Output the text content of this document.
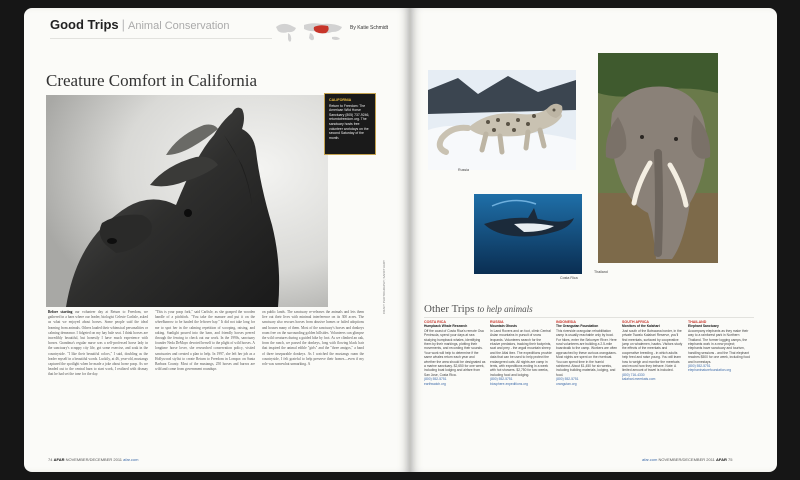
Good Trips | Animal Conservation	By Katie Schmidt
Creature Comfort in California
CALIFORNIA
Return to Freedom: The American Wild Horse Sanctuary (805) 737-9246, returntofreedom.org. The sanctuary hosts free volunteer workdays on the second Saturday of the month.
CRAFT PHOTOGRAPHY; SANCTUARY
Before starting our volunteer day at Return to Freedom, we gathered in a barn where our leader, biologist Celeste Carlisle, asked us what we enjoyed about horses. Some people said the ideal learning from animals. Others lauded their whimsical personalities or calming demeanor. I fidgeted on my hay bale seat. I think horses are incredibly beautiful, but honestly I have much experience with horses. Grandma's regular nurse was a self-professed horse lady in the sanctuary's scrappy city life, got some exercise, and soak in the countryside. "I like their beautiful colors," I said, doubling as the leader myself in a beautiful words. Luckily, at 46, year-old, mustangs captured the spotlight when he made a joke about horse poop. As we headed out to the central barn to start work, I realized with dismay that he had set the tone for the day.
"This is your poop fork," said Carlisle, as she grasped the wooden handle of a pitchfork. "You take the manure and put it on the wheelbarrow to be hauled the leftover hay." It did not take long for me to spot her in the calming repetition of scooping, raising, and raking. Sunlight poured into the barn, and friendly horses peered through the fencing to check out our work. In the 1990s, sanctuary founder Neda DeMayo devoted herself to the plight of wild horses. A longtime horse lover, she researched conservation policy, visited sanctuaries and created a plan to help. In 1997, she left her job as a Hollywood stylist to create Return to Freedom in Lompoc on Santa Barbara County. Most of the mustangs, 250 horses and burros are wild and come from government roundups
on public lands. The sanctuary re-releases the animals and lets them live out their lives with minimal interference on its 300 acres. The sanctuary also rescues horses from abusive homes or failed adoptions and houses many of them. Most of the sanctuary's horses and donkeys roam free on the surrounding golden hillsides. Volunteers can glimpse the wild creatures during a guided hike by foot. As we climbed an oak, from the ranch, we passed the donkeys, long with flowing black hair that inspired the animal edible "girls" and the "three amigos," a band of three inseparable donkeys. As I watched the mustangs roam the countryside, I felt grateful to help preserve their homes—even if my role was somewhat unmarking. A
74 AFAR NOVEMBER/DECEMBER 2011 afar.com
Russia
Costa Rica
Thailand
Other Trips to help animals
COSTA RICA
Humpback Whale Research
Off the coast of Costa Rica's remote Osa Peninsula, spend your days at sea studying humpback whales, identifying them by their markings, plotting their movements, and recording their sounds. Your work will help to determine if the same whales return each year and whether the area should be designated as a marine sanctuary. $2,650 for one week, including boat lodging and airfare from San Jose, Costa Rica.
(800) 552-5751
earthwatch.org
RUSSIA
Mountain Ghosts
In Land Rovers and on foot, climb Central Asian mountains in pursuit of snow leopards. Volunteers search for the elusive predators, tracking their footprints, scat and prey - the argali mountain sheep and the Altai ibex. The expeditions provide data that can be used to help protect the endangered cats. All nights are camp in tents, with expeditions ending in a week with hot showers. $2,750 for two weeks, including food and lodging.
(800) 552-5751
biosphere-expeditions.org
INDONESIA
The Orangutan Foundation
This riverside orangutan rehabilitation camp is usually reachable only by boat. For hikes, enter the Sekonyer River. Here rural volunteers are building a 2.5-mile boardwalk to the camp. Workers are often approached by these curious orangutans. Most nights are spent on the riverboat. You can spend time in the humid rainforest. About $1,450 for six weeks, including building materials, lodging, and food.
(800) 552-5751
orangutan.org
SOUTH AFRICA
Monitors of the Kalahari
Just south of the Botswana border, in the private Tswalu Kalahari Reserve, you'll find meerkats, surfaced by cooperative jump on whalemen, hawks. Visitors study the effects of the meerkats and cooperative breeding - in which adults help feed and raise young. You will learn how to weigh and monitor the meerkats and record how they behave. Note: A limited amount of travel is included.
(800) 716-4330
kalahari-meerkats.com
THAILAND
Elephant Sanctuary
Accompany elephants as they make their way to a rainforest park in Northern Thailand. The former logging camps, the elephants work in a new project; elephants have sanctuary and tourism, handling sessions - and the Thai elephant reaches $500 for one week, including food and homestays.
(800) 552-5751
elephantnaturefoundation.org
afar.com NOVEMBER/DECEMBER 2011 AFAR 75
